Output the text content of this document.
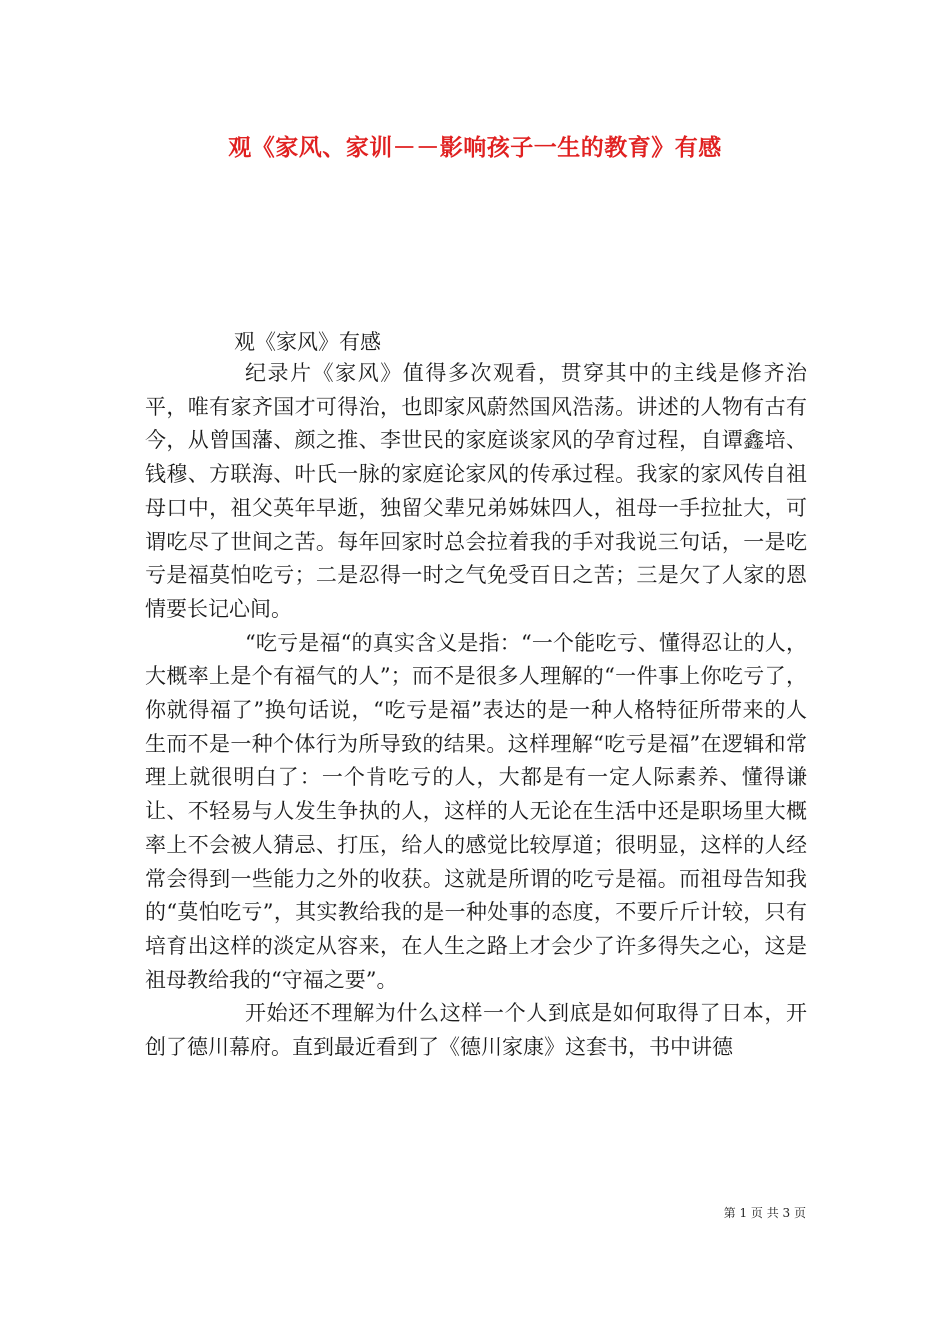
观《家风、家训－－影响孩子一生的教育》有感
观《家风》有感

纪录片《家风》值得多次观看，贯穿其中的主线是修齐治平，唯有家齐国才可得治，也即家风蔚然国风浩荡。讲述的人物有古有今，从曾国藩、颜之推、李世民的家庭谈家风的孕育过程，自谭鑫培、钱穆、方联海、叶氏一脉的家庭论家风的传承过程。我家的家风传自祖母口中，祖父英年早逝，独留父辈兄弟姊妹四人，祖母一手拉扯大，可谓吃尽了世间之苦。每年回家时总会拉着我的手对我说三句话，一是吃亏是福莫怕吃亏；二是忍得一时之气免受百日之苦；三是欠了人家的恩情要长记心间。

“吃亏是福“的真实含义是指：“一个能吃亏、懂得忍让的人，大概率上是个有福气的人”；而不是很多人理解的“一件事上你吃亏了，你就得福了”换句话说，“吃亏是福”表达的是一种人格特征所带来的人生而不是一种个体行为所导致的结果。这样理解“吃亏是福”在逻辑和常理上就很明白了：一个肯吃亏的人，大都是有一定人际素养、懂得谦让、不轻易与人发生争执的人，这样的人无论在生活中还是职场里大概率上不会被人猜忌、打压，给人的感觉比较厚道；很明显，这样的人经常会得到一些能力之外的收获。这就是所谓的吃亏是福。而祖母告知我的“莫怕吃亏”，其实教给我的是一种处事的态度，不要斤斤计较，只有培育出这样的淡定从容来，在人生之路上才会少了许多得失之心，这是祖母教给我的“守福之要”。

开始还不理解为什么这样一个人到底是如何取得了日本，开创了德川幕府。直到最近看到了《德川家康》这套书，书中讲德

第 1 页 共 3 页
